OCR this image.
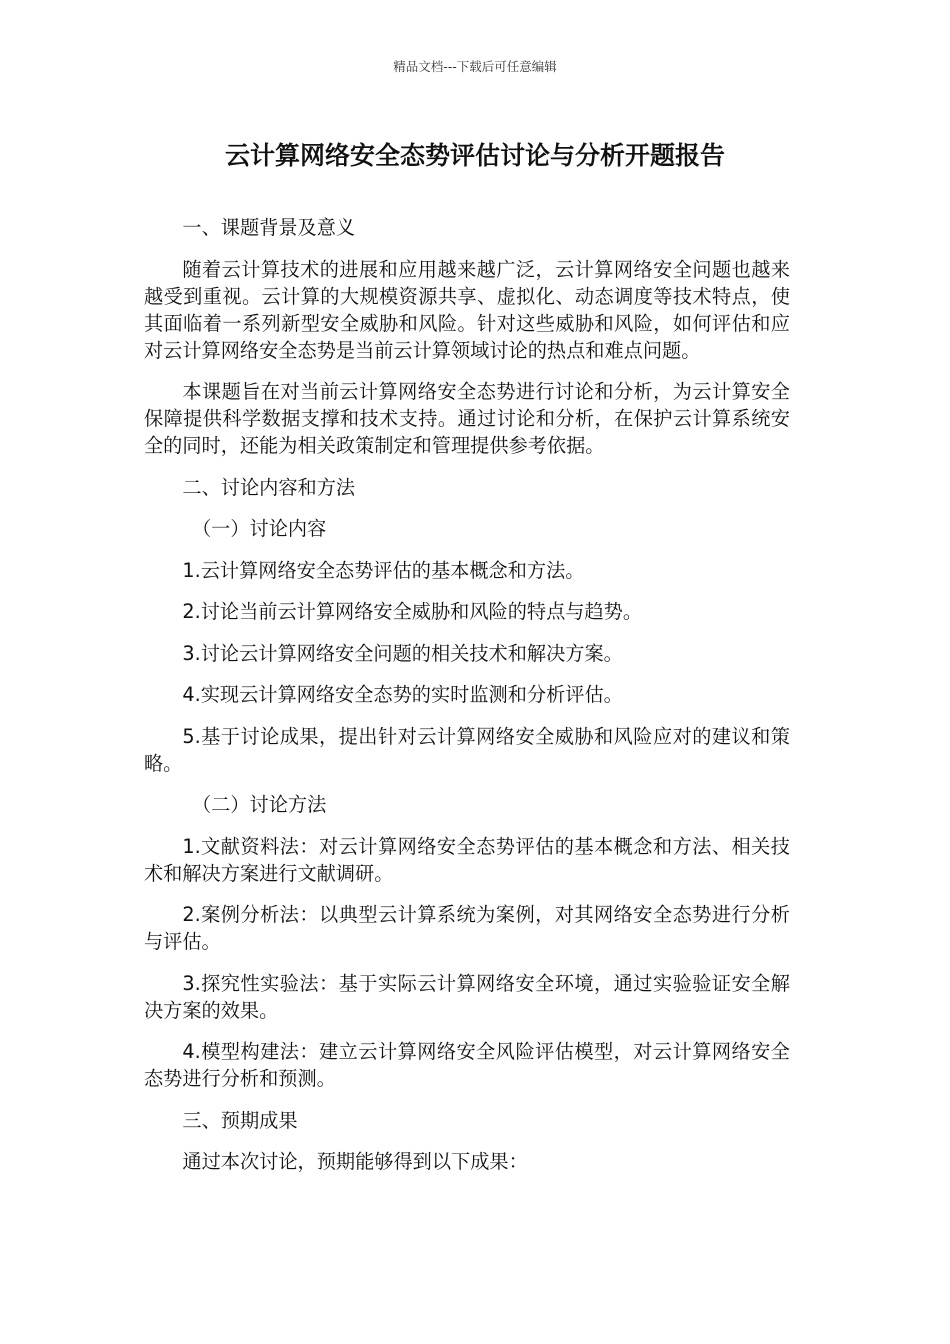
精品文档---下载后可任意编辑
云计算网络安全态势评估讨论与分析开题报告

一、课题背景及意义

随着云计算技术的进展和应用越来越广泛，云计算网络安全问题也越来越受到重视。云计算的大规模资源共享、虚拟化、动态调度等技术特点，使其面临着一系列新型安全威胁和风险。针对这些威胁和风险，如何评估和应对云计算网络安全态势是当前云计算领域讨论的热点和难点问题。

本课题旨在对当前云计算网络安全态势进行讨论和分析，为云计算安全保障提供科学数据支撑和技术支持。通过讨论和分析，在保护云计算系统安全的同时，还能为相关政策制定和管理提供参考依据。

二、讨论内容和方法

（一）讨论内容

1.云计算网络安全态势评估的基本概念和方法。

2.讨论当前云计算网络安全威胁和风险的特点与趋势。

3.讨论云计算网络安全问题的相关技术和解决方案。

4.实现云计算网络安全态势的实时监测和分析评估。

5.基于讨论成果，提出针对云计算网络安全威胁和风险应对的建议和策略。

（二）讨论方法

1.文献资料法：对云计算网络安全态势评估的基本概念和方法、相关技术和解决方案进行文献调研。

2.案例分析法：以典型云计算系统为案例，对其网络安全态势进行分析与评估。

3.探究性实验法：基于实际云计算网络安全环境，通过实验验证安全解决方案的效果。

4.模型构建法：建立云计算网络安全风险评估模型，对云计算网络安全态势进行分析和预测。

三、预期成果

通过本次讨论，预期能够得到以下成果：
